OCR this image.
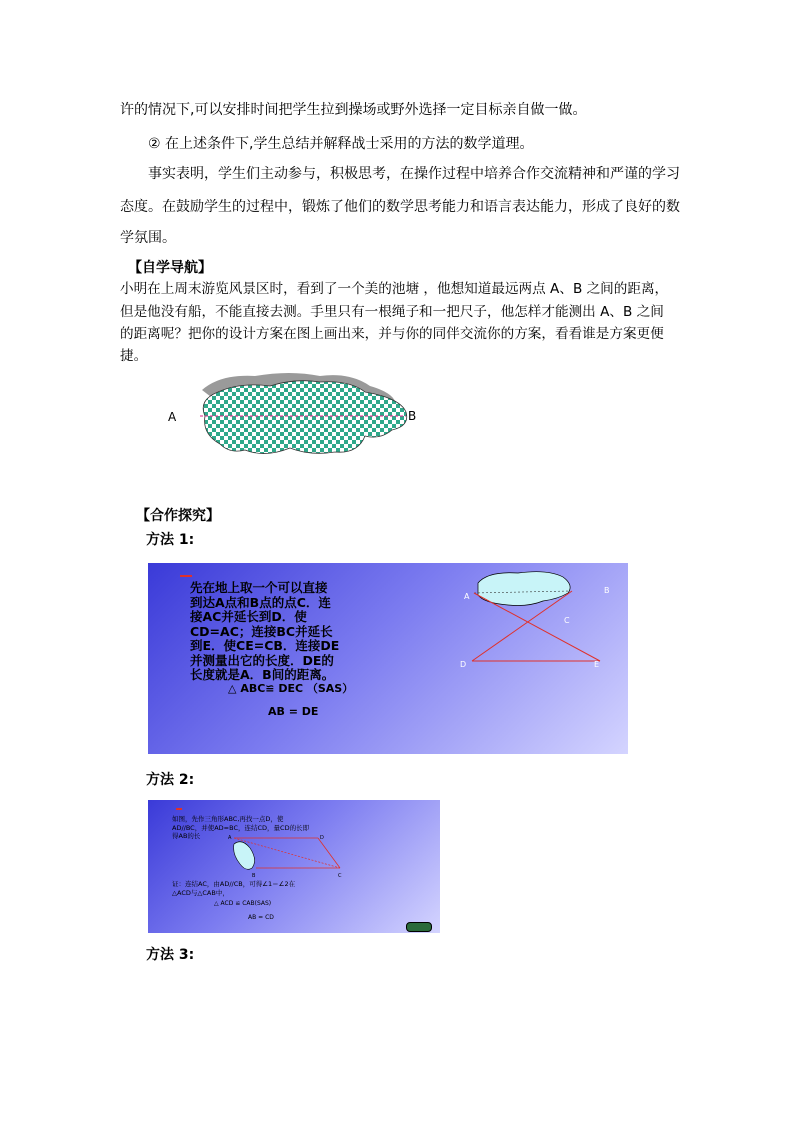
许的情况下,可以安排时间把学生拉到操场或野外选择一定目标亲自做一做。
② 在上述条件下,学生总结并解释战士采用的方法的数学道理。
事实表明，学生们主动参与，积极思考，在操作过程中培养合作交流精神和严谨的学习
态度。在鼓励学生的过程中，锻炼了他们的数学思考能力和语言表达能力，形成了良好的数
学氛围。
【自学导航】
小明在上周末游览风景区时，看到了一个美的池塘 ，他想知道最远两点 A、B 之间的距离，
但是他没有船，不能直接去测。手里只有一根绳子和一把尺子，他怎样才能测出 A、B 之间
的距离呢？把你的设计方案在图上画出来，并与你的同伴交流你的方案，看看谁是方案更便
捷。
A	B
【合作探究】
方法 1:
先在地上取一个可以直接
到达A点和B点的点C．连
接AC并延长到D．使
CD=AC；连接BC并延长
到E．使CE=CB．连接DE
并测量出它的长度．DE的
长度就是A．B间的距离。
△ ABC≌ DEC （SAS）
AB = DE
A
B
C
D	E
方法 2:
如图，先作三角形ABC,再找一点D，使
AD//BC，并使AD=BC，连结CD，量CD的长即
得AB的长	A
B	C
D
证：连结AC，由AD//CB，可得∠1＝∠2在
△ACD与△CAB中，
△ ACD ≌ CAB(SAS)
AB = CD
方法 3:
